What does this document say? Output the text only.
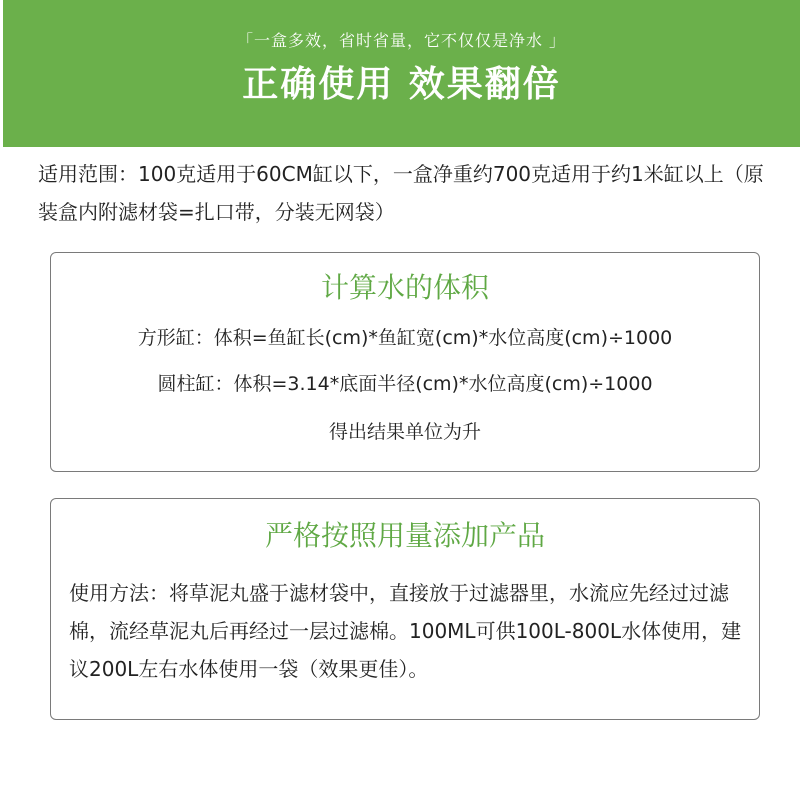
「一盒多效，省时省量，它不仅仅是净水 」
正确使用 效果翻倍
适用范围：100克适用于60CM缸以下，一盒净重约700克适用于约1米缸以上（原装盒内附滤材袋=扎口带，分装无网袋）
计算水的体积
方形缸：体积=鱼缸长(cm)*鱼缸宽(cm)*水位高度(cm)÷1000
圆柱缸：体积=3.14*底面半径(cm)*水位高度(cm)÷1000
得出结果单位为升
严格按照用量添加产品
使用方法：将草泥丸盛于滤材袋中，直接放于过滤器里，水流应先经过过滤棉，流经草泥丸后再经过一层过滤棉。100ML可供100L-800L水体使用，建议200L左右水体使用一袋（效果更佳）。
